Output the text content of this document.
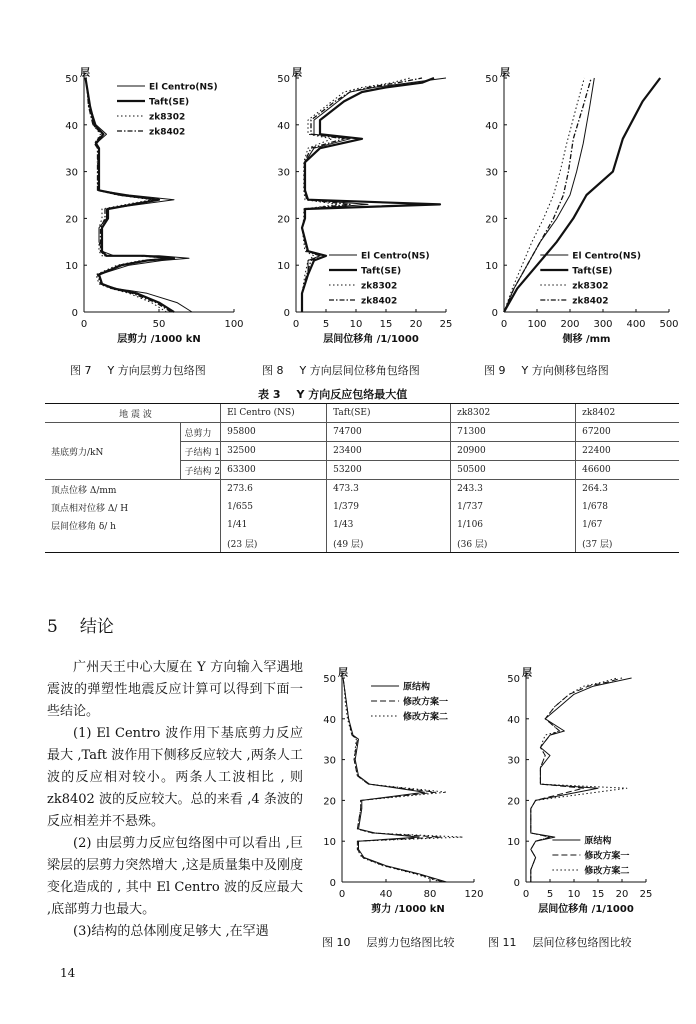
0
10
20
30
40
50
0	50	100
层
层剪力 /1000 kN
El Centro(NS)
Taft(SE)
zk8302
zk8402
0
10
20
30
40
50
0 5 10 15 20 25
层
层间位移角 /1/1000
El Centro(NS)
Taft(SE)
zk8302
zk8402
0
10
20
30
40
50
0 100 200 300 400 500
层
侧移 /mm
El Centro(NS)
Taft(SE)
zk8302
zk8402
图 7 Y 方向层剪力包络图	图 8 Y 方向层间位移角包络图	图 9 Y 方向侧移包络图
表 3 Y 方向反应包络最大值
地 震 波		El Centro (NS)	Taft(SE)	zk8302	zk8402
基底剪力/kN	总剪力	95800	74700	71300	67200
	子结构 1	32500	23400	20900	22400
	子结构 2	63300	53200	50500	46600
顶点位移 Δ/mm		273.6	473.3	243.3	264.3
顶点相对位移 Δ/ H		1/655	1/379	1/737	1/678
层间位移角 δ/ h		1/41	1/43	1/106	1/67
		(23 层)	(49 层)	(36 层)	(37 层)
5 结论

广州天王中心大厦在 Y 方向输入罕遇地震波的弹塑性地震反应计算可以得到下面一些结论。

(1) El Centro 波作用下基底剪力反应最大 ,Taft 波作用下侧移反应较大 ,两条人工波的反应相对较小。两条人工波相比 , 则 zk8402 波的反应较大。总的来看 ,4 条波的反应相差并不悬殊。

(2) 由层剪力反应包络图中可以看出 ,巨梁层的层剪力突然增大 ,这是质量集中及刚度变化造成的 , 其中 El Centro 波的反应最大 ,底部剪力也最大。

(3)结构的总体刚度足够大 ,在罕遇

0
10
20
30
40
50
0	40	80	120
层
剪力 /1000 kN
原结构
修改方案一
修改方案二
0
10
20
30
40
50
0 5 10 15 20 25
层
层间位移角 /1/1000
原结构
修改方案一
修改方案二
图 10 层剪力包络图比较	图 11 层间位移包络图比较
14
